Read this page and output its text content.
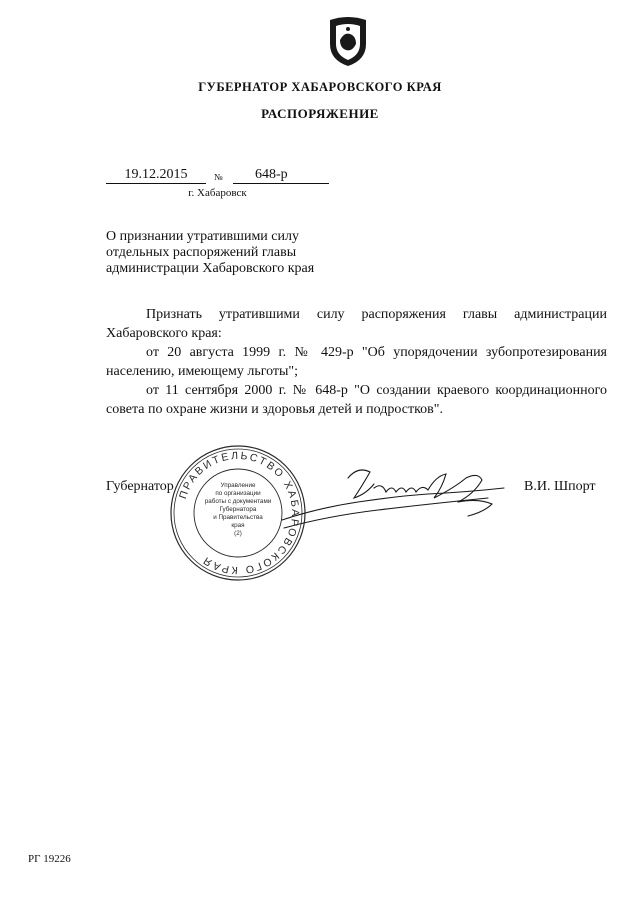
ГУБЕРНАТОР ХАБАРОВСКОГО КРАЯ
РАСПОРЯЖЕНИЕ
19.12.2015	№	648-р
г. Хабаровск
О признании утратившими силу
отдельных распоряжений главы
администрации Хабаровского края

Признать утратившими силу распоряжения главы администрации Хабаровского края:

от 20 августа 1999 г. № 429-р "Об упорядочении зубопротезирования населению, имеющему льготы";

от 11 сентября 2000 г. № 648-р "О создании краевого координационного совета по охране жизни и здоровья детей и подростков".

ПРАВИТЕЛЬСТВО ХАБАРОВСКОГО КРАЯ
Управление
по организации
работы с документами
Губернатора
и Правительства
края
(2)
Губернатор	В.И. Шпорт
РГ 19226
